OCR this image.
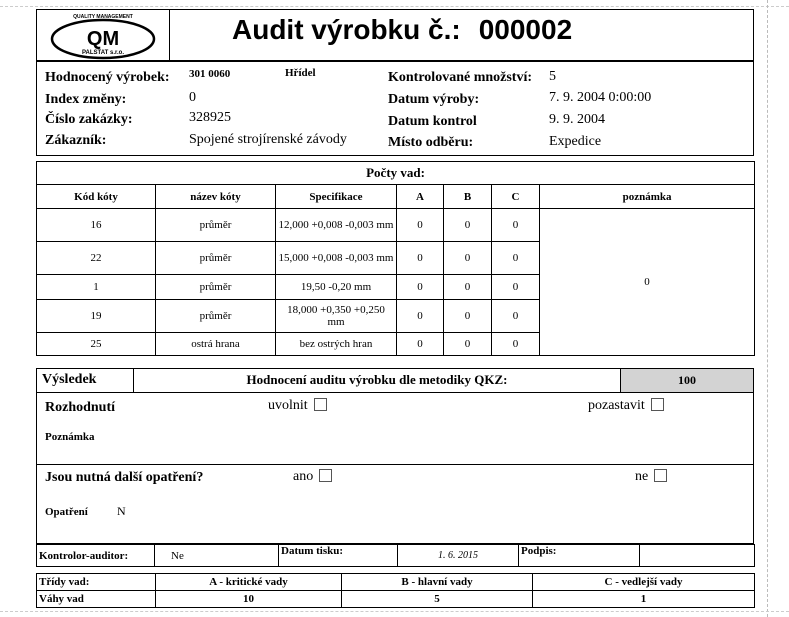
QUALITY MANAGEMENT
QM
PALSTAT s.r.o.
Audit výrobku č.: 000002
Hodnocený výrobek: 301 0060	Hřídel
Index změny:	0
Číslo zakázky:	328925
Zákazník:	Spojené strojírenské závody
Kontrolované množství: 5
Datum výroby:	7. 9. 2004 0:00:00
Datum kontrol	9. 9. 2004
Místo odběru:	Expedice
Počty vad:						
Kód kóty	název kóty	Specifikace	A	B	C	poznámka
16	průměr	12,000 +0,008 -0,003 mm	0	0	0	0
22	průměr	15,000 +0,008 -0,003 mm	0	0	0	
1	průměr	19,50 -0,20 mm	0	0	0	
19	průměr	18,000 +0,350 +0,250 mm	0	0	0	
25	ostrá hrana	bez ostrých hran	0	0	0	
Výsledek	Hodnocení auditu výrobku dle metodiky QKZ:	100
Rozhodnutí	uvolnit	pozastavit
Poznámka
Jsou nutná další opatření?	ano	ne
Opatření N
Kontrolor-auditor:	Ne	Datum tisku:	1. 6. 2015	Podpis:	
Třídy vad:	A - kritické vady	B - hlavní vady	C - vedlejší vady
Váhy vad	10	5	1
